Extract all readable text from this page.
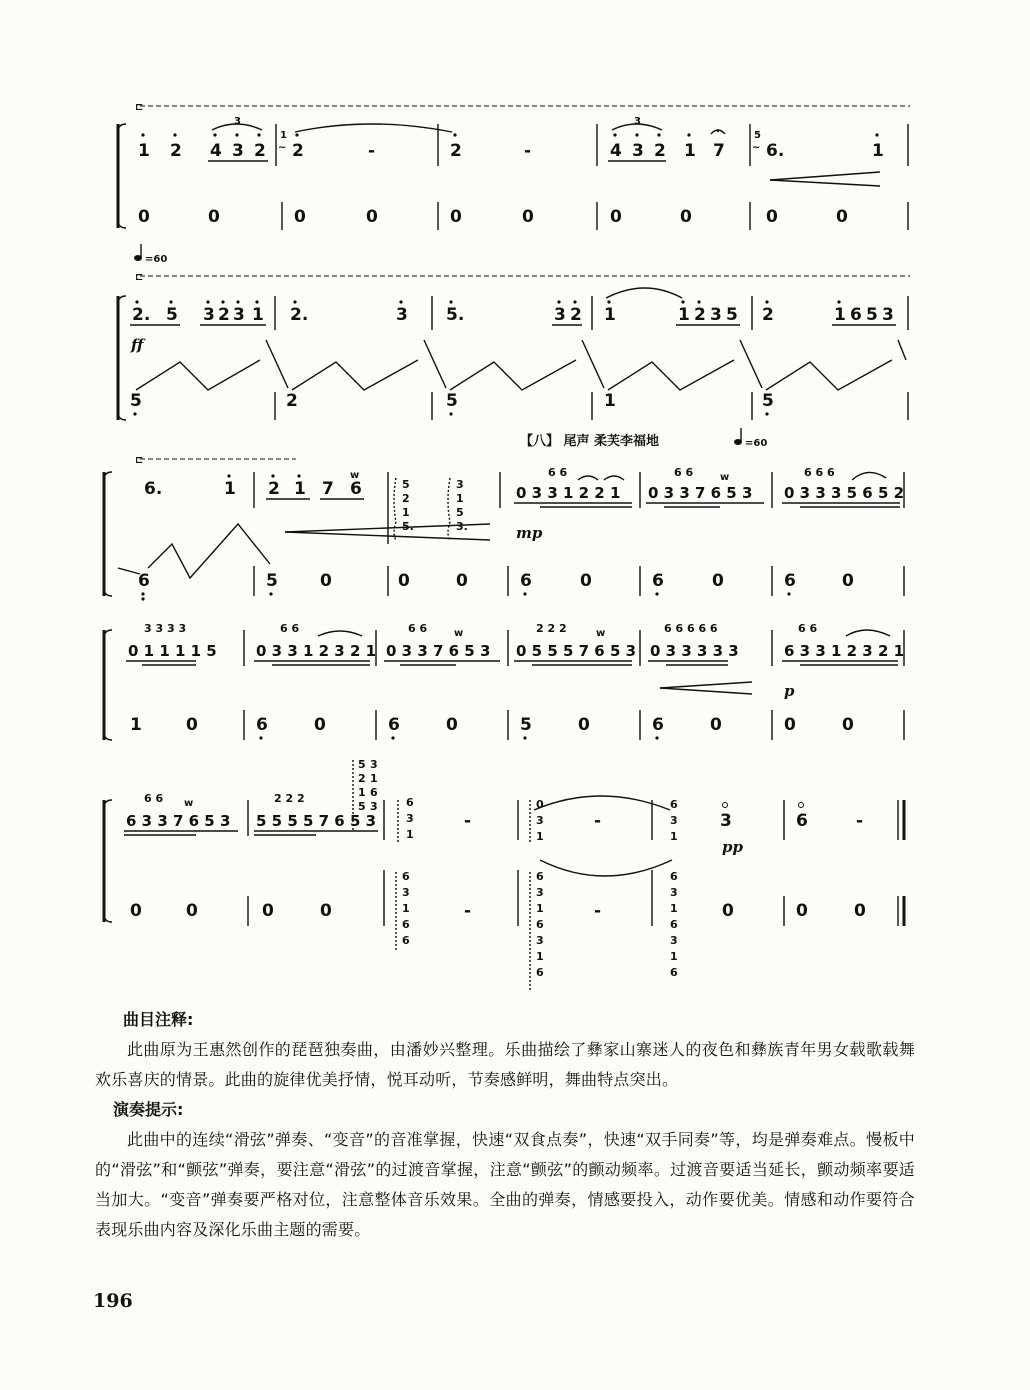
⊏
1 2 4 3 2
3
1
~ 2	-	2	-	4 3 2 1 7
3
5
~ 6.	1
0	0	0	0	0	0	0	0	0	0
=60
⊏
2. 5 3 2 3 1
ff
2.	3 5.	3 2 1	1 2 3 5 2	1 6 5 3
5	2	5	1	5
【八】 尾声 柔芙李福地	=60
⊏
6.	1 2 1 7 6
w
5
2
1
5.
3
1
5
3.	mp
6 6
0 3 3 1 2 2 1
6 6
0 3 3 7 6 5 3
w	6 6 6
0 3 3 3 5 6 5 2
6	5 0	0	0	6	0	6	0	6	0
3 3 3 3
0 1 1 1 1 5
6 6
0 3 3 1 2 3 2 1
6 6
0 3 3 7 6 5 3
w	2 2 2
0 5 5 5 7 6 5 3
w	6 6 6 6 6
0 3 3 3 3 3
6 6
6 3 3 1 2 3 2 1
p
1	0	6	0	6	0	5	0	6	0	0	0
6 6
6 3 3 7 6 5 3
w	2 2 2
5 5 5 5 7 6 5 3
5
2
1
5
3
1
6
3	6
3
1
-
0
3
1
-
6
3
1
3
pp
6	-
0	0	0	0
6
3
1
6
6
-
6
3
1
6
3
1
6
-
6
3
1
6
3
1
6
0	0	0

曲目注释:

此曲原为王惠然创作的琵琶独奏曲，由潘妙兴整理。乐曲描绘了彝家山寨迷人的夜色和彝族青年男女载歌载舞欢乐喜庆的情景。此曲的旋律优美抒情，悦耳动听，节奏感鲜明，舞曲特点突出。

演奏提示:

此曲中的连续“滑弦”弹奏、“变音”的音准掌握，快速“双食点奏”，快速“双手同奏”等，均是弹奏难点。慢板中的“滑弦”和“颤弦”弹奏，要注意“滑弦”的过渡音掌握，注意“颤弦”的颤动频率。过渡音要适当延长，颤动频率要适当加大。“变音”弹奏要严格对位，注意整体音乐效果。全曲的弹奏，情感要投入，动作要优美。情感和动作要符合表现乐曲内容及深化乐曲主题的需要。

196
